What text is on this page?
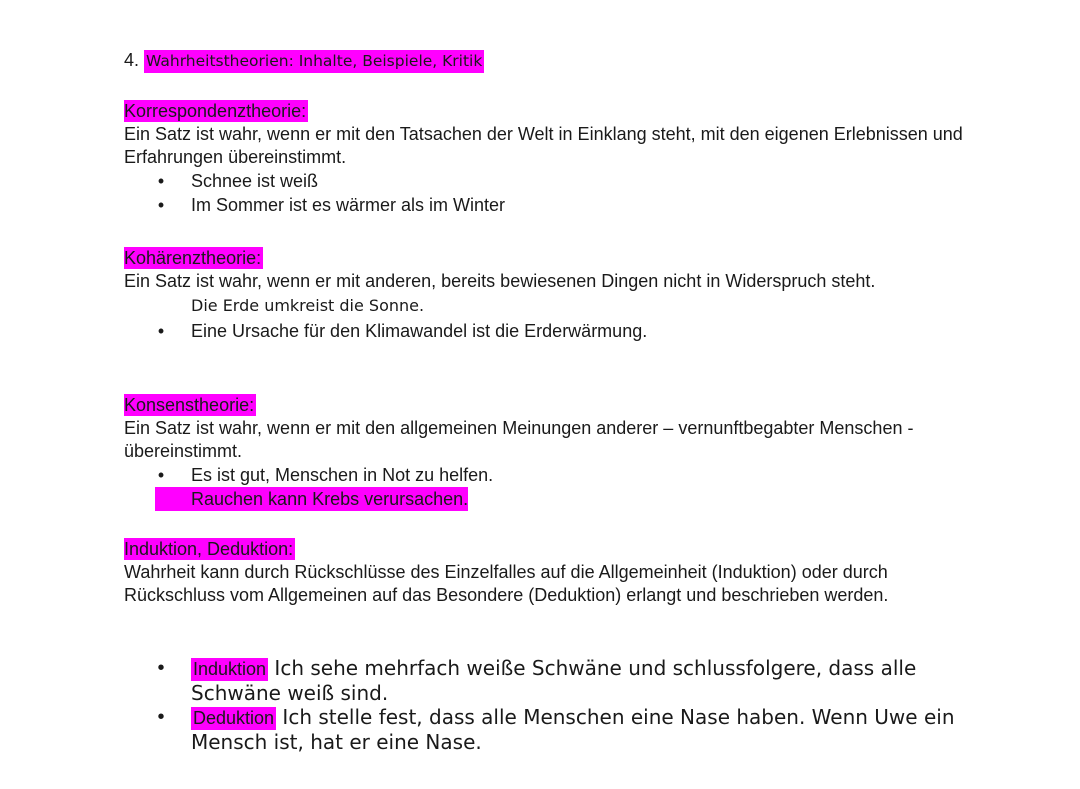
4. Wahrheitstheorien: Inhalte, Beispiele, Kritik
Korrespondenztheorie:

Ein Satz ist wahr, wenn er mit den Tatsachen der Welt in Einklang steht, mit den eigenen Erlebnissen und Erfahrungen übereinstimmt.

• Schnee ist weiß
• Im Sommer ist es wärmer als im Winter
Kohärenztheorie:

Ein Satz ist wahr, wenn er mit anderen, bereits bewiesenen Dingen nicht in Widerspruch steht.

Die Erde umkreist die Sonne.
• Eine Ursache für den Klimawandel ist die Erderwärmung.
Konsenstheorie:

Ein Satz ist wahr, wenn er mit den allgemeinen Meinungen anderer – vernunftbegabter Menschen - übereinstimmt.

• Es ist gut, Menschen in Not zu helfen.
Rauchen kann Krebs verursachen.
Induktion, Deduktion:

Wahrheit kann durch Rückschlüsse des Einzelfalles auf die Allgemeinheit (Induktion) oder durch Rückschluss vom Allgemeinen auf das Besondere (Deduktion) erlangt und beschrieben werden.

• Induktion Ich sehe mehrfach weiße Schwäne und schlussfolgere, dass alle Schwäne weiß sind.
• Deduktion Ich stelle fest, dass alle Menschen eine Nase haben. Wenn Uwe ein Mensch ist, hat er eine Nase.
